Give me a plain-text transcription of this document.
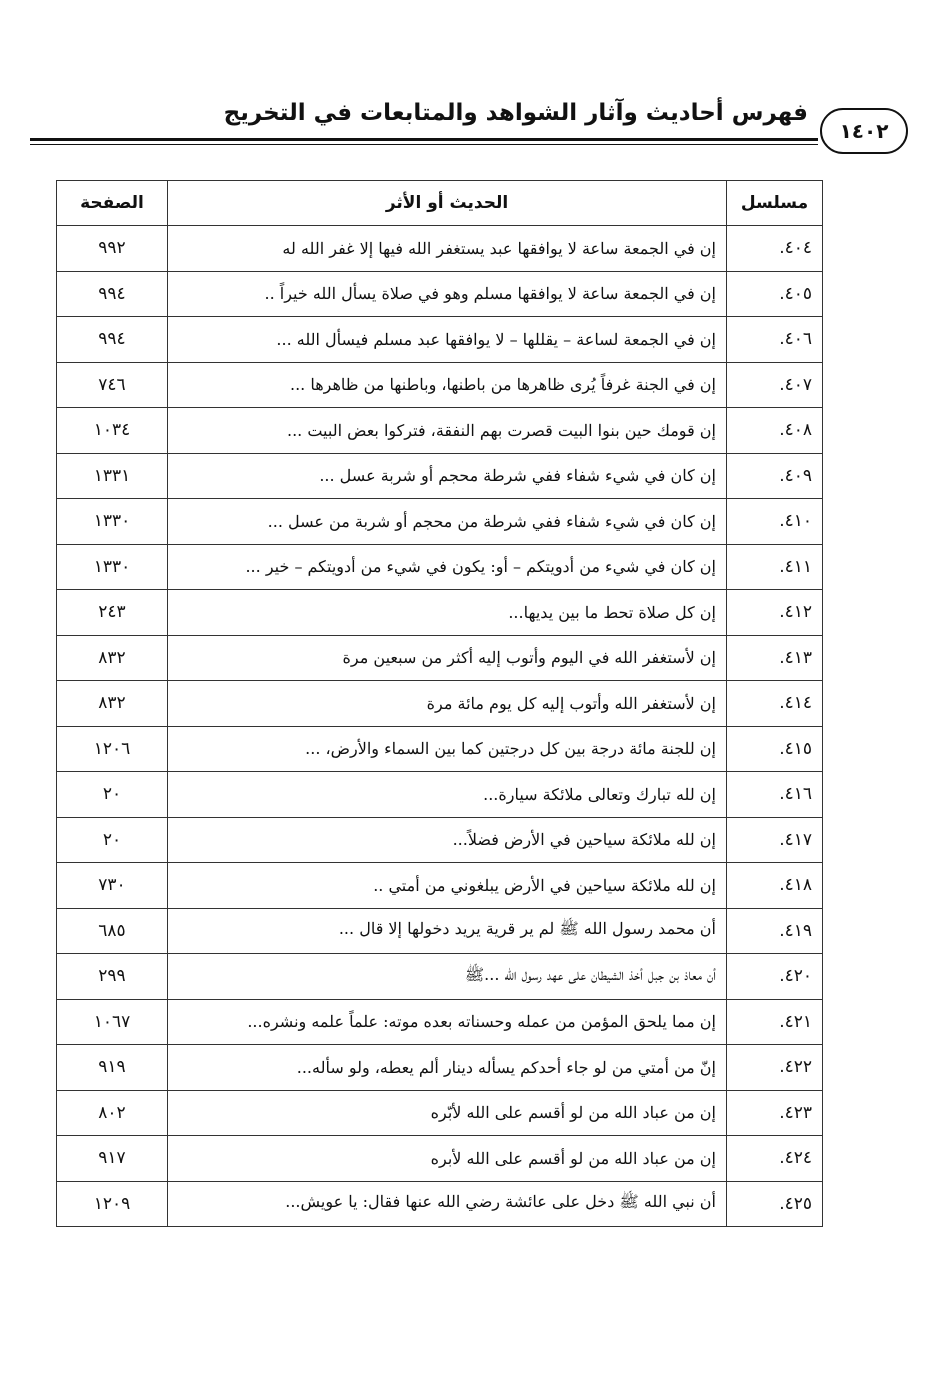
١٤٠٢
فهرس أحاديث وآثار الشواهد والمتابعات في التخريج
مسلسل	الحديث أو الأثر	الصفحة
٤٠٤.	إن في الجمعة ساعة لا يوافقها عبد يستغفر الله فيها إلا غفر الله له	٩٩٢
٤٠٥.	إن في الجمعة ساعة لا يوافقها مسلم وهو في صلاة يسأل الله خيراً ..	٩٩٤
٤٠٦.	إن في الجمعة لساعة – يقللها – لا يوافقها عبد مسلم فيسأل الله ...	٩٩٤
٤٠٧.	إن في الجنة غرفاً يُرى ظاهرها من باطنها، وباطنها من ظاهرها ...	٧٤٦
٤٠٨.	إن قومك حين بنوا البيت قصرت بهم النفقة، فتركوا بعض البيت ...	١٠٣٤
٤٠٩.	إن كان في شيء شفاء ففي شرطة محجم أو شربة عسل ...	١٣٣١
٤١٠.	إن كان في شيء شفاء ففي شرطة من محجم أو شربة من عسل ...	١٣٣٠
٤١١.	إن كان في شيء من أدويتكم – أو: يكون في شيء من أدويتكم – خير ...	١٣٣٠
٤١٢.	إن كل صلاة تحط ما بين يديها...	٢٤٣
٤١٣.	إن لأستغفر الله في اليوم وأتوب إليه أكثر من سبعين مرة	٨٣٢
٤١٤.	إن لأستغفر الله وأتوب إليه كل يوم مائة مرة	٨٣٢
٤١٥.	إن للجنة مائة درجة بين كل درجتين كما بين السماء والأرض، ...	١٢٠٦
٤١٦.	إن لله تبارك وتعالى ملائكة سيارة...	٢٠
٤١٧.	إن لله ملائكة سياحين في الأرض فضلاً...	٢٠
٤١٨.	إن لله ملائكة سياحين في الأرض يبلغوني من أمتي ..	٧٣٠
٤١٩.	أن محمد رسول الله ﷺ لم ير قرية يريد دخولها إلا قال ...	٦٨٥
٤٢٠.	أن معاذ بن جبل أخذ الشيطان على عهد رسول الله ...ﷺ	٢٩٩
٤٢١.	إن مما يلحق المؤمن من عمله وحسناته بعده موته: علماً علمه ونشره...	١٠٦٧
٤٢٢.	إنّ من أمتي من لو جاء أحدكم يسأله دينار ألم يعطه، ولو سأله...	٩١٩
٤٢٣.	إن من عباد الله من لو أقسم على الله لأبّره	٨٠٢
٤٢٤.	إن من عباد الله من لو أقسم على الله لأبره	٩١٧
٤٢٥.	أن نبي الله ﷺ دخل على عائشة رضي الله عنها فقال: يا عويش...	١٢٠٩
